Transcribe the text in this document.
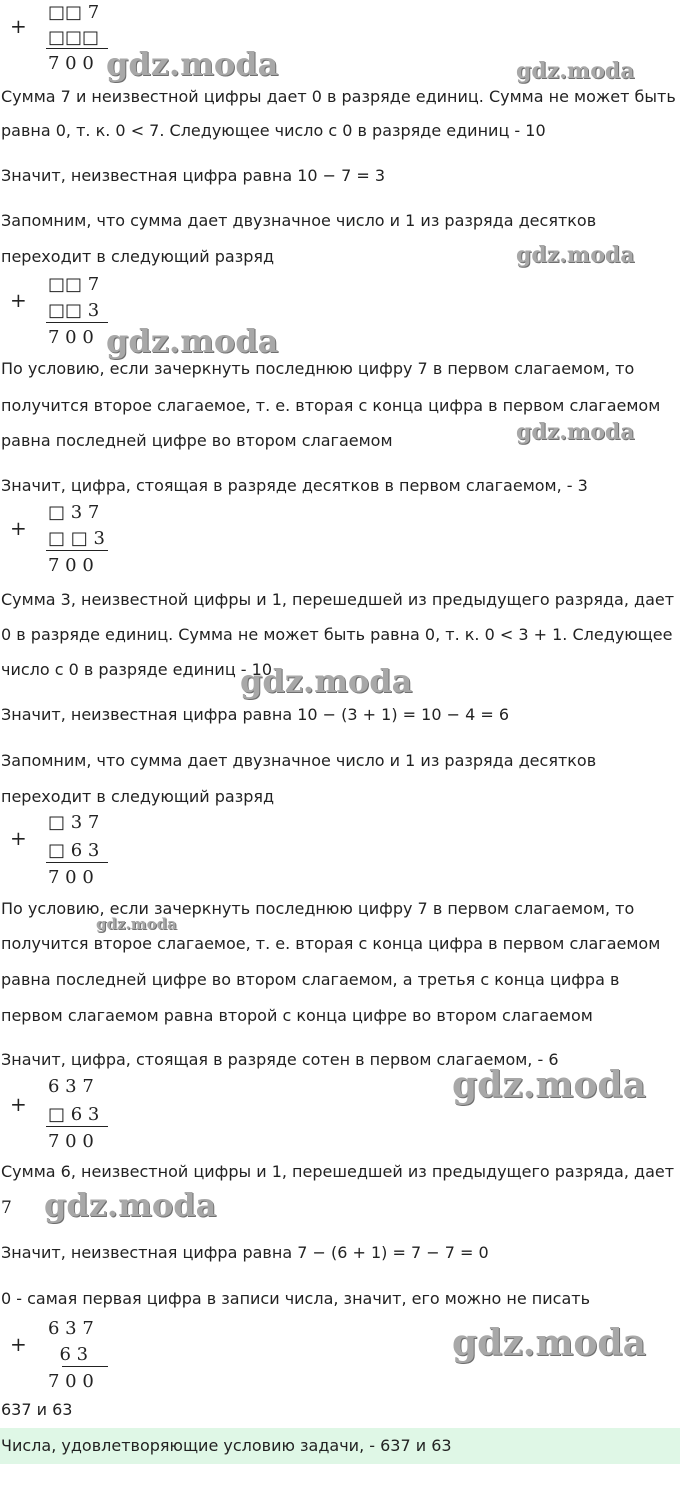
+
□□ 7
□□□
7 0 0 gdz.moda	gdz.moda
Сумма 7 и неизвестной цифры дает 0 в разряде единиц. Сумма не может быть
равна 0, т. к. 0 < 7. Следующее число с 0 в разряде единиц - 10
Значит, неизвестная цифра равна 10 − 7 = 3
Запомним, что сумма дает двузначное число и 1 из разряда десятков
переходит в следующий разряд	gdz.moda
+
□□ 7
□□ 3
7 0 0 gdz.moda
По условию, если зачеркнуть последнюю цифру 7 в первом слагаемом, то
получится второе слагаемое, т. е. вторая с конца цифра в первом слагаемом
равна последней цифре во втором слагаемом	gdz.moda
Значит, цифра, стоящая в разряде десятков в первом слагаемом, - 3
+
□ 3 7
□ □ 3
7 0 0
Сумма 3, неизвестной цифры и 1, перешедшей из предыдущего разряда, дает
0 в разряде единиц. Сумма не может быть равна 0, т. к. 0 < 3 + 1. Следующее
число с 0 в разряде единиц - 10
gdz.moda
Значит, неизвестная цифра равна 10 − (3 + 1) = 10 − 4 = 6
Запомним, что сумма дает двузначное число и 1 из разряда десятков
переходит в следующий разряд
+
□ 3 7
□ 6 3
7 0 0
По условию, если зачеркнуть последнюю цифру 7 в первом слагаемом, то
gdz.moda
получится второе слагаемое, т. е. вторая с конца цифра в первом слагаемом
равна последней цифре во втором слагаемом, а третья с конца цифра в
первом слагаемом равна второй с конца цифре во втором слагаемом
Значит, цифра, стоящая в разряде сотен в первом слагаемом, - 6
+
6 3 7
□ 6 3
7 0 0
gdz.moda
Сумма 6, неизвестной цифры и 1, перешедшей из предыдущего разряда, дает
7 gdz.moda
Значит, неизвестная цифра равна 7 − (6 + 1) = 7 − 7 = 0
0 - самая первая цифра в записи числа, значит, его можно не писать
+
6 3 7
6 3
7 0 0
gdz.moda
637 и 63
Числа, удовлетворяющие условию задачи, - 637 и 63
